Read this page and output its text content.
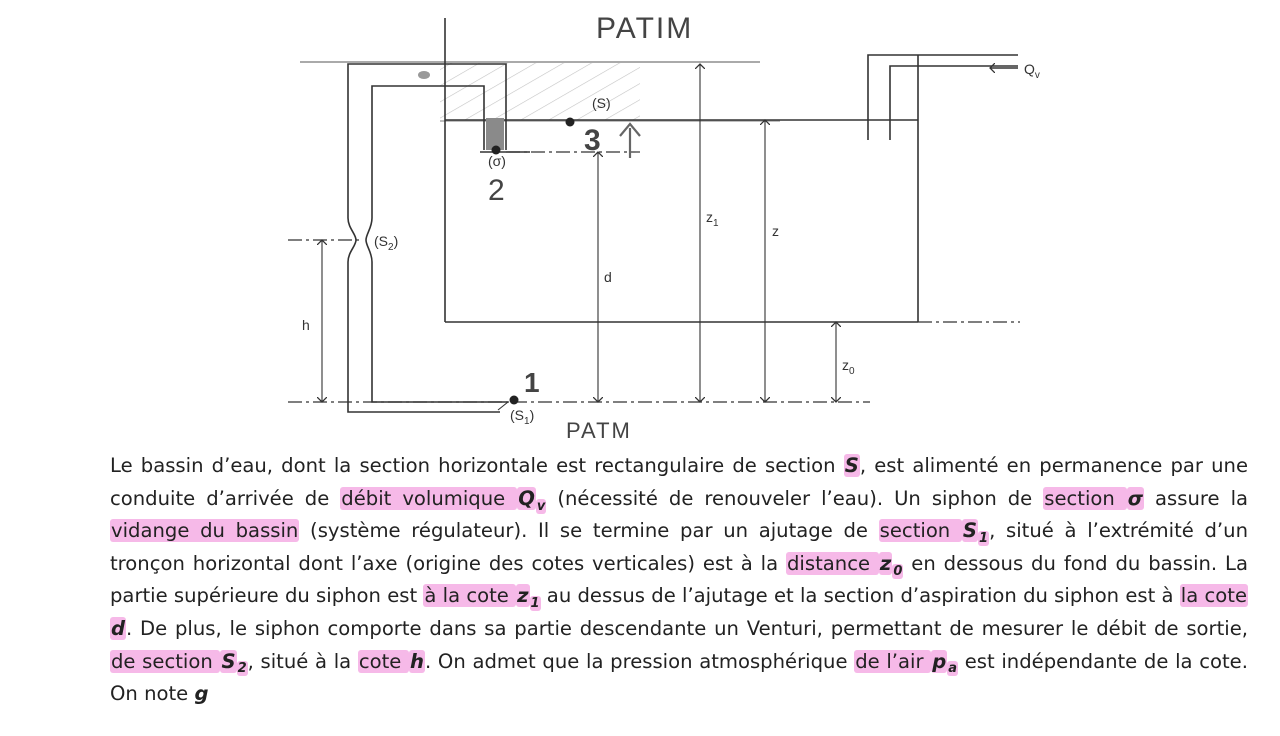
$Q_v$
(S)
(σ)
$(S_2)$
$(S_1)$
h
d
$z_1$	z
$z_0$
PATIM
PATM
3
2
1

Le bassin d’eau, dont la section horizontale est rectangulaire de section S, est alimenté en permanence par une conduite d’arrivée de débit volumique Q $_v$ (nécessité de renouveler l’eau). Un siphon de section σ assure la vidange du bassin (système régulateur). Il se termine par un ajutage de section S $_1$, situé à l’extrémité d’un tronçon horizontal dont l’axe (origine des cotes verticales) est à la distance z $_0$ en dessous du fond du bassin. La partie supérieure du siphon est à la cote z $_1$ au dessus de l’ajutage et la section d’aspiration du siphon est à la cote d. De plus, le siphon comporte dans sa partie descendante un Venturi, permettant de mesurer le débit de sortie, de section S $_2$, situé à la cote h. On admet que la pression atmosphérique de l’air p $_a$ est indépendante de la cote. On note g
